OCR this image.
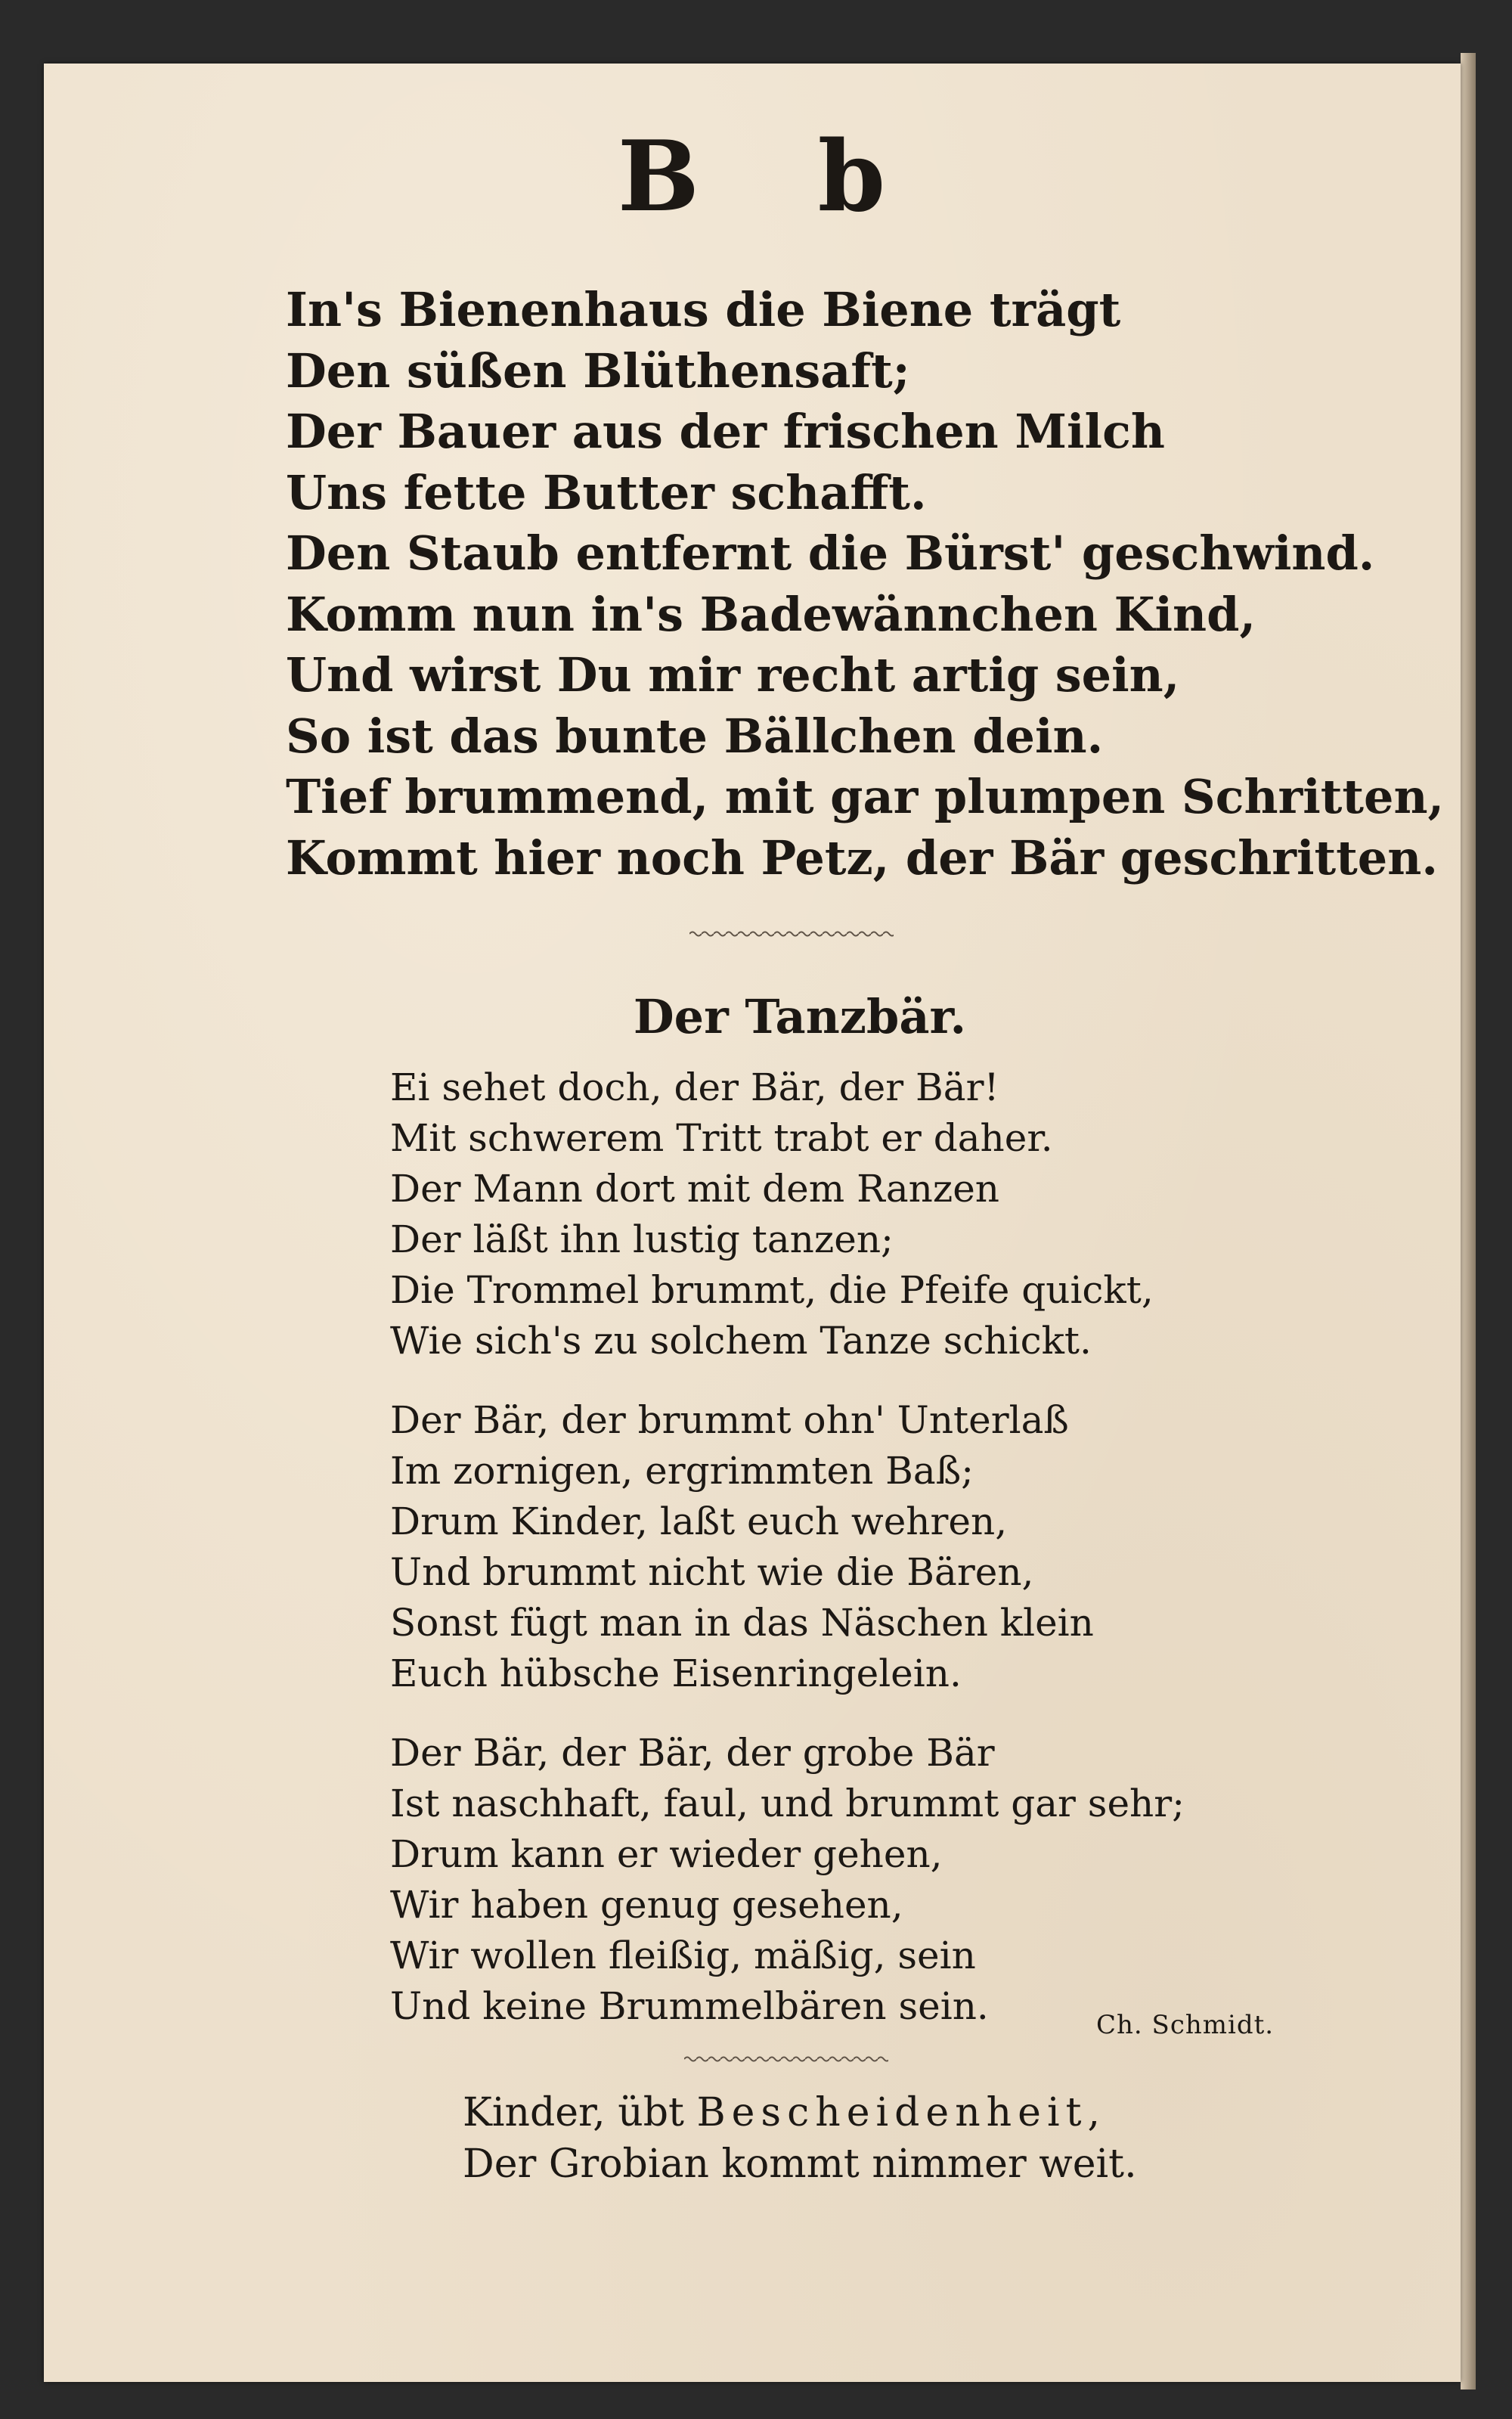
B b
In's Bienenhaus die Biene trägt
Den süßen Blüthensaft;
Der Bauer aus der frischen Milch
Uns fette Butter schafft.
Den Staub entfernt die Bürst' geschwind.
Komm nun in's Badewännchen Kind,
Und wirst Du mir recht artig sein,
So ist das bunte Bällchen dein.
Tief brummend, mit gar plumpen Schritten,
Kommt hier noch Petz, der Bär geschritten.
Der Tanzbär.
Ei sehet doch, der Bär, der Bär!
Mit schwerem Tritt trabt er daher.
Der Mann dort mit dem Ranzen
Der läßt ihn lustig tanzen;
Die Trommel brummt, die Pfeife quickt,
Wie sich's zu solchem Tanze schickt.
Der Bär, der brummt ohn' Unterlaß
Im zornigen, ergrimmten Baß;
Drum Kinder, laßt euch wehren,
Und brummt nicht wie die Bären,
Sonst fügt man in das Näschen klein
Euch hübsche Eisenringelein.
Der Bär, der Bär, der grobe Bär
Ist naschhaft, faul, und brummt gar sehr;
Drum kann er wieder gehen,
Wir haben genug gesehen,
Wir wollen fleißig, mäßig, sein
Und keine Brummelbären sein.	Ch. Schmidt.
Kinder, übt Bescheidenheit,
Der Grobian kommt nimmer weit.
